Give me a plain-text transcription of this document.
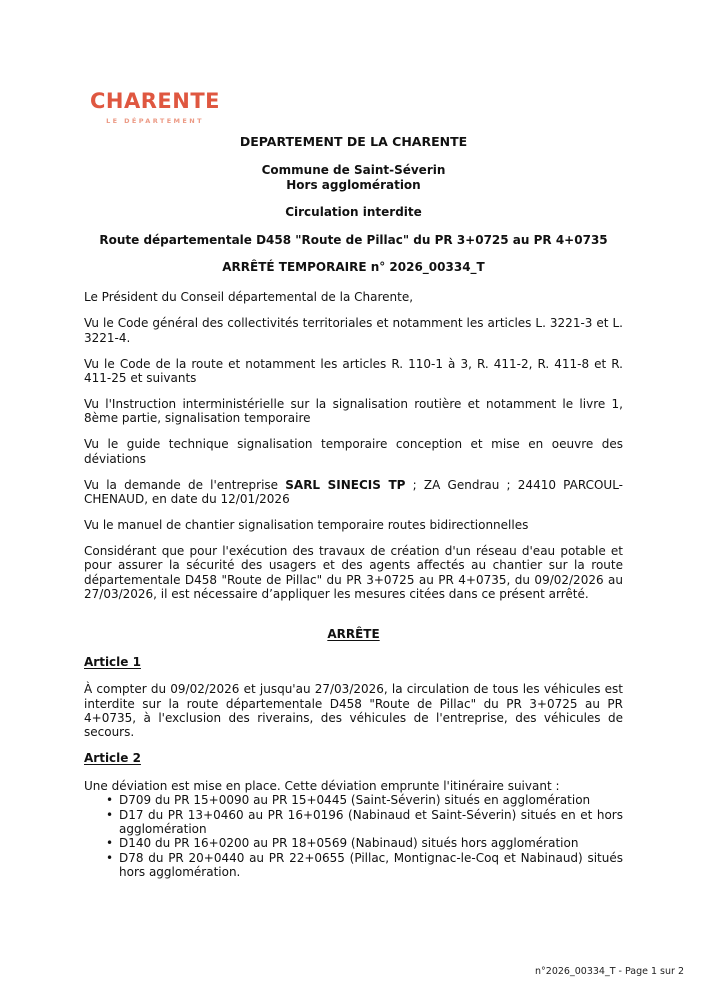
CHARENTE
LE DÉPARTEMENT
DEPARTEMENT DE LA CHARENTE
Commune de Saint-Séverin
Hors agglomération
Circulation interdite
Route départementale D458 "Route de Pillac" du PR 3+0725 au PR 4+0735
ARRÊTÉ TEMPORAIRE n° 2026_00334_T

Le Président du Conseil départemental de la Charente,

Vu le Code général des collectivités territoriales et notamment les articles L. 3221-3 et L. 3221-4.

Vu le Code de la route et notamment les articles R. 110-1 à 3, R. 411-2, R. 411-8 et R. 411-25 et suivants

Vu l'Instruction interministérielle sur la signalisation routière et notamment le livre 1, 8ème partie, signalisation temporaire

Vu le guide technique signalisation temporaire conception et mise en oeuvre des déviations

Vu la demande de l'entreprise SARL SINECIS TP ; ZA Gendrau ; 24410 PARCOUL-CHENAUD, en date du 12/01/2026

Vu le manuel de chantier signalisation temporaire routes bidirectionnelles

Considérant que pour l'exécution des travaux de création d'un réseau d'eau potable et pour assurer la sécurité des usagers et des agents affectés au chantier sur la route départementale D458 "Route de Pillac" du PR 3+0725 au PR 4+0735, du 09/02/2026 au 27/03/2026, il est nécessaire d’appliquer les mesures citées dans ce présent arrêté.

ARRÊTE
Article 1

À compter du 09/02/2026 et jusqu'au 27/03/2026, la circulation de tous les véhicules est interdite sur la route départementale D458 "Route de Pillac" du PR 3+0725 au PR 4+0735, à l'exclusion des riverains, des véhicules de l'entreprise, des véhicules de secours.

Article 2

Une déviation est mise en place. Cette déviation emprunte l'itinéraire suivant :

• D709 du PR 15+0090 au PR 15+0445 (Saint-Séverin) situés en agglomération
• D17 du PR 13+0460 au PR 16+0196 (Nabinaud et Saint-Séverin) situés en et hors agglomération
• D140 du PR 16+0200 au PR 18+0569 (Nabinaud) situés hors agglomération
• D78 du PR 20+0440 au PR 22+0655 (Pillac, Montignac-le-Coq et Nabinaud) situés hors agglomération.
n°2026_00334_T - Page 1 sur 2
